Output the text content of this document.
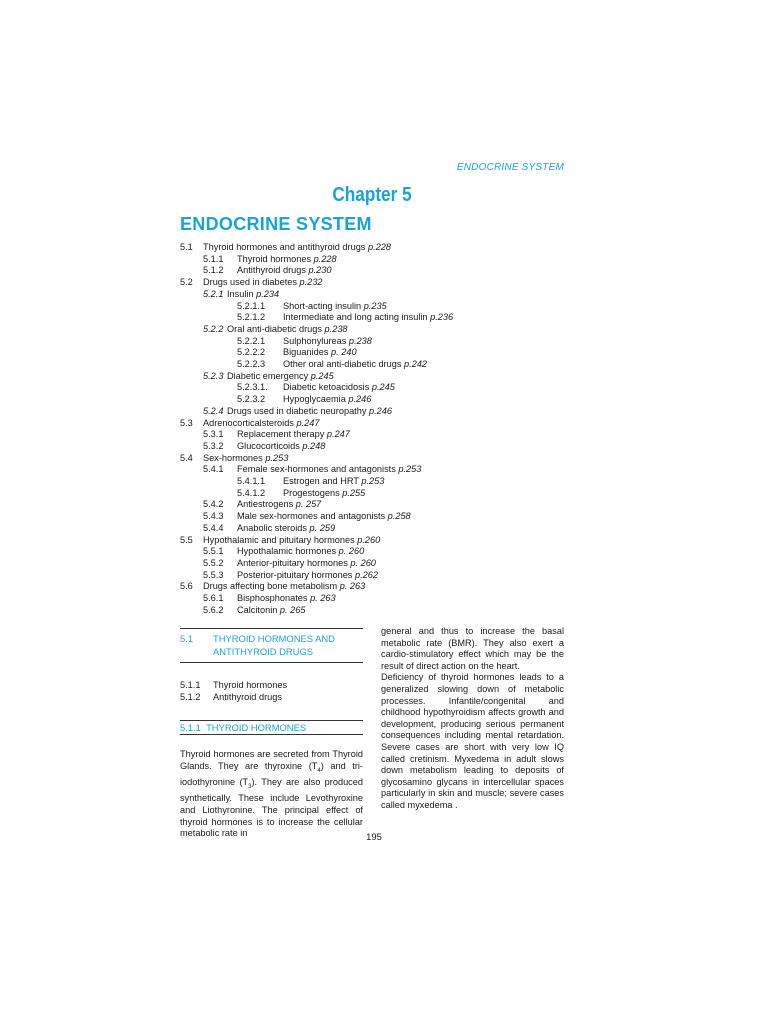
ENDOCRINE SYSTEM
Chapter 5
ENDOCRINE SYSTEM
5.1 Thyroid hormones and antithyroid drugs p.228
5.1.1 Thyroid hormones p.228
5.1.2 Antithyroid drugs p.230
5.2 Drugs used in diabetes p.232
5.2.1 Insulin p.234
5.2.1.1 Short-acting insulin p.235
5.2.1.2 Intermediate and long acting insulin p.236
5.2.2 Oral anti-diabetic drugs p.238
5.2.2.1 Sulphonylureas p.238
5.2.2.2 Biguanides p. 240
5.2.2.3 Other oral anti-diabetic drugs p.242
5.2.3 Diabetic emergency p.245
5.2.3.1. Diabetic ketoacidosis p.245
5.2.3.2 Hypoglycaemia p.246
5.2.4 Drugs used in diabetic neuropathy p.246
5.3 Adrenocorticalsteroids p.247
5.3.1 Replacement therapy p.247
5.3.2 Glucocorticoids p.248
5.4 Sex-hormones p.253
5.4.1 Female sex-hormones and antagonists p.253
5.4.1.1 Estrogen and HRT p.253
5.4.1.2 Progestogens p.255
5.4.2 Antiestrogens p. 257
5.4.3 Male sex-hormones and antagonists p.258
5.4.4 Anabolic steroids p. 259
5.5 Hypothalamic and pituitary hormones p.260
5.5.1 Hypothalamic hormones p. 260
5.5.2 Anterior-pituitary hormones p. 260
5.5.3 Posterior-pituitary hormones p.262
5.6 Drugs affecting bone metabolism p. 263
5.6.1 Bisphosphonates p. 263
5.6.2 Calcitonin p. 265
5.1 THYROID HORMONES AND
ANTITHYROID DRUGS
5.1.1 Thyroid hormones
5.1.2 Antithyroid drugs
5.1.1 THYROID HORMONES

Thyroid hormones are secreted from Thyroid Glands. They are thyroxine $(T_4)$ and tri-iodothyronine $(T_3)$. They are also produced synthetically. These include Levothyroxine and Liothyronine. The principal effect of thyroid hormones is to increase the cellular metabolic rate in

general and thus to increase the basal metabolic rate (BMR). They also exert a cardio-stimulatory effect which may be the result of direct action on the heart.

Deficiency of thyroid hormones leads to a generalized slowing down of metabolic processes. Infantile/congenital and childhood hypothyroidism affects growth and development, producing serious permanent consequences including mental retardation. Severe cases are short with very low IQ called cretinism. Myxedema in adult slows down metabolism leading to deposits of glycosamino glycans in intercellular spaces particularly in skin and muscle; severe cases called myxedema .

195
